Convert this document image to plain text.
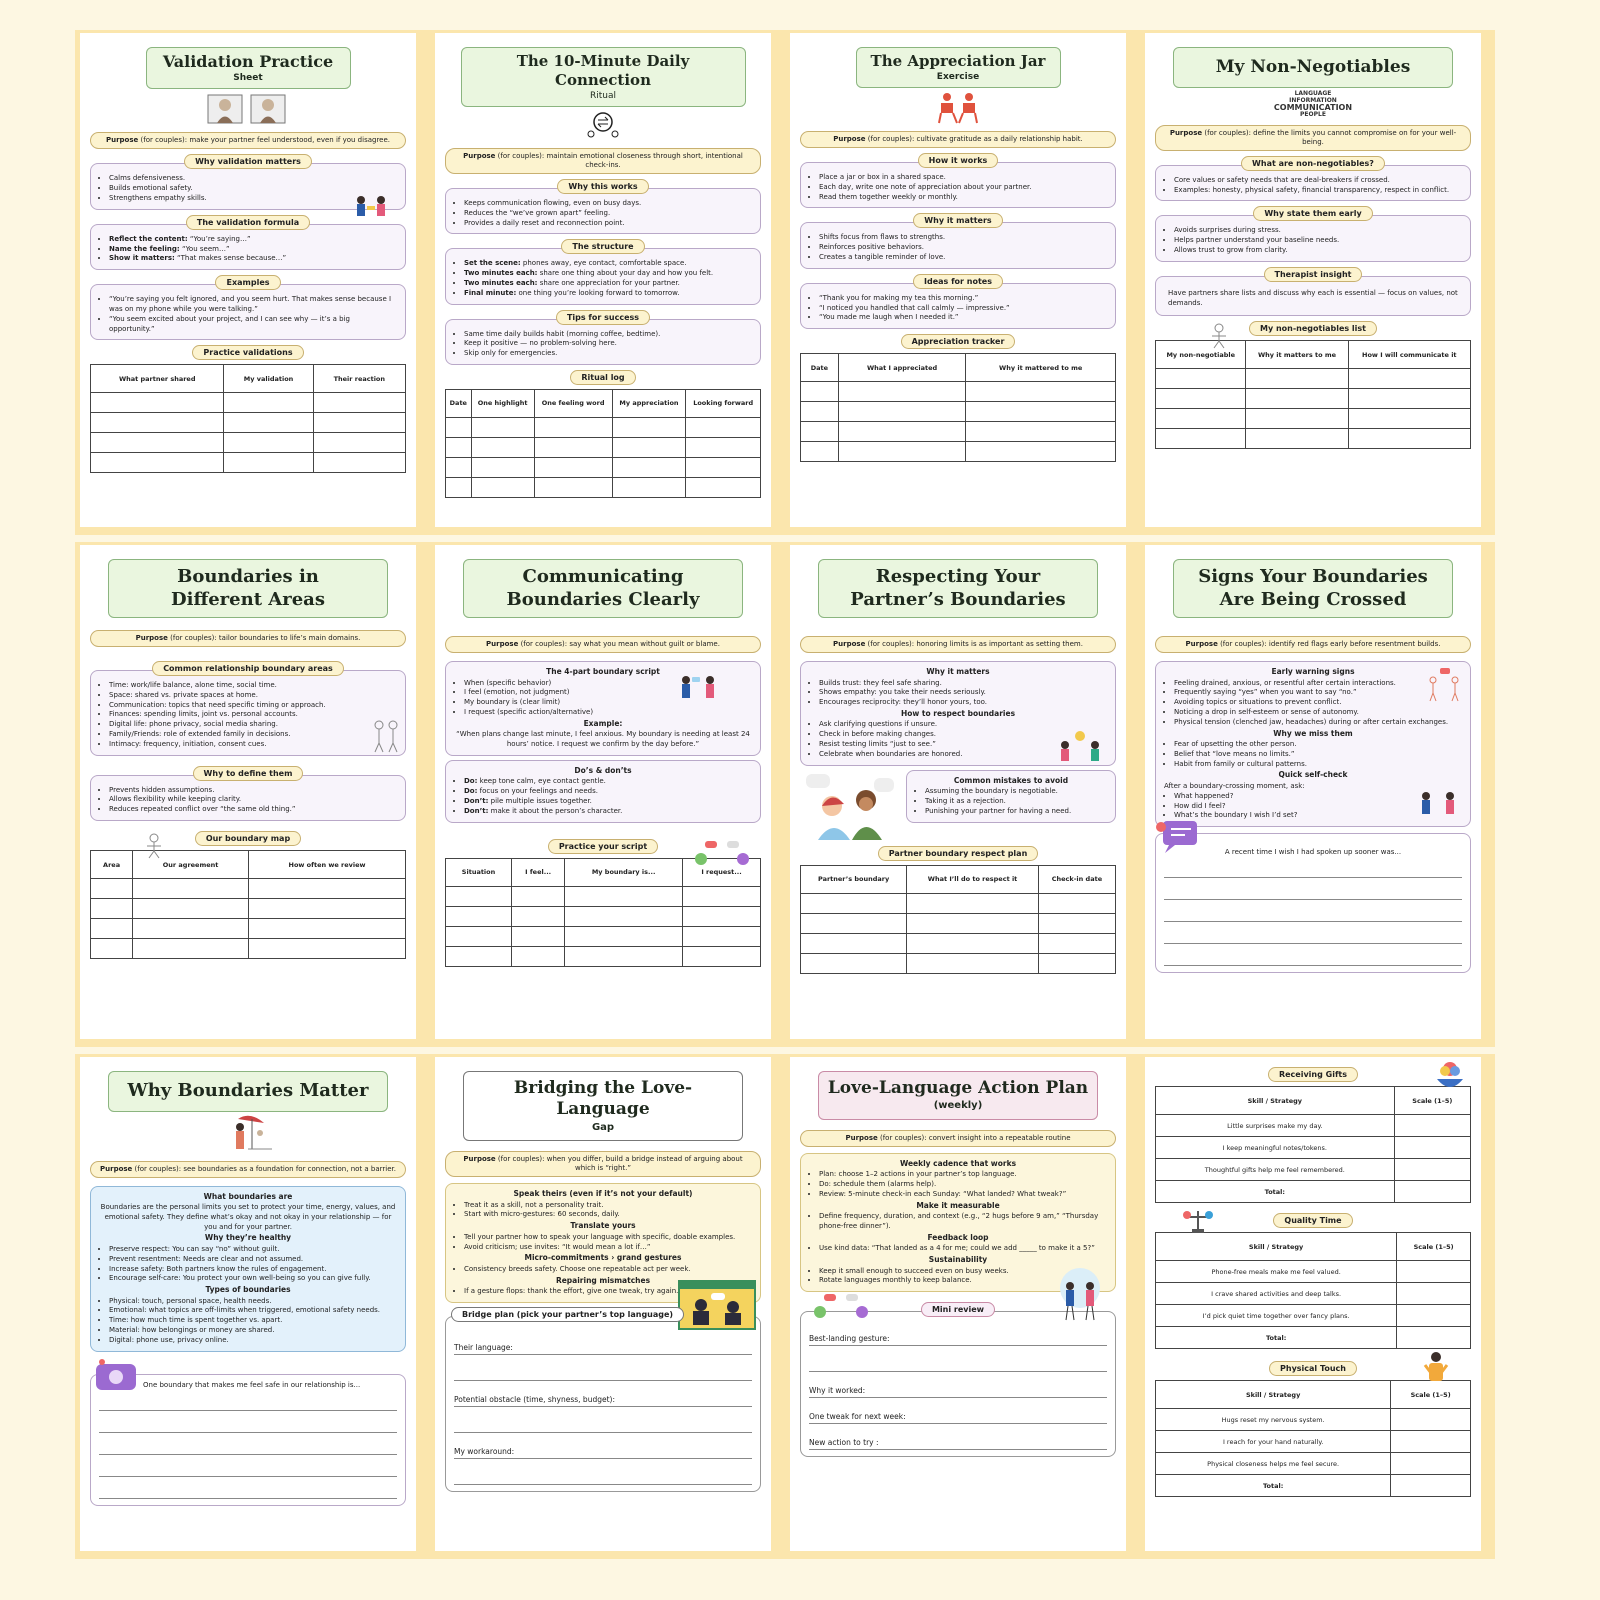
Validation Practice
Sheet
Purpose (for couples): make your partner feel understood, even if you disagree.
Why validation matters
• Calms defensiveness.
• Builds emotional safety.
• Strengthens empathy skills.
The validation formula
• Reflect the content: “You’re saying…”
• Name the feeling: “You seem…”
• Show it matters: “That makes sense because…”
Examples
• “You’re saying you felt ignored, and you seem hurt. That makes sense because I was on my phone while you were talking.”
• “You seem excited about your project, and I can see why — it’s a big opportunity.”
Practice validations
What partner shared	My validation	Their reaction

The 10-Minute Daily Connection
Ritual
Purpose (for couples): maintain emotional closeness through short, intentional check-ins.
Why this works
• Keeps communication flowing, even on busy days.
• Reduces the “we’ve grown apart” feeling.
• Provides a daily reset and reconnection point.
The structure
• Set the scene: phones away, eye contact, comfortable space.
• Two minutes each: share one thing about your day and how you felt.
• Two minutes each: share one appreciation for your partner.
• Final minute: one thing you’re looking forward to tomorrow.
Tips for success
• Same time daily builds habit (morning coffee, bedtime).
• Keep it positive — no problem-solving here.
• Skip only for emergencies.
Ritual log
Date	One highlight	One feeling word	My appreciation	Looking forward

The Appreciation Jar
Exercise
Purpose (for couples): cultivate gratitude as a daily relationship habit.
How it works
• Place a jar or box in a shared space.
• Each day, write one note of appreciation about your partner.
• Read them together weekly or monthly.
Why it matters
• Shifts focus from flaws to strengths.
• Reinforces positive behaviors.
• Creates a tangible reminder of love.
Ideas for notes
• “Thank you for making my tea this morning.”
• “I noticed you handled that call calmly — impressive.”
• “You made me laugh when I needed it.”
Appreciation tracker
Date	What I appreciated	Why it mattered to me

My Non-Negotiables
LANGUAGE
INFORMATION
COMMUNICATION
PEOPLE
Purpose (for couples): define the limits you cannot compromise on for your well-being.
What are non-negotiables?
• Core values or safety needs that are deal-breakers if crossed.
• Examples: honesty, physical safety, financial transparency, respect in conflict.
Why state them early
• Avoids surprises during stress.
• Helps partner understand your baseline needs.
• Allows trust to grow from clarity.
Therapist insight
Have partners share lists and discuss why each is essential — focus on values, not demands.
My non-negotiables list
My non-negotiable	Why it matters to me	How I will communicate it

Boundaries in Different Areas
Purpose (for couples): tailor boundaries to life’s main domains.
Common relationship boundary areas
• Time: work/life balance, alone time, social time.
• Space: shared vs. private spaces at home.
• Communication: topics that need specific timing or approach.
• Finances: spending limits, joint vs. personal accounts.
• Digital life: phone privacy, social media sharing.
• Family/Friends: role of extended family in decisions.
• Intimacy: frequency, initiation, consent cues.
Why to define them
• Prevents hidden assumptions.
• Allows flexibility while keeping clarity.
• Reduces repeated conflict over “the same old thing.”
Our boundary map
Area	Our agreement	How often we review

Communicating Boundaries Clearly
Purpose (for couples): say what you mean without guilt or blame.
The 4-part boundary script
• When (specific behavior)
• I feel (emotion, not judgment)
• My boundary is (clear limit)
• I request (specific action/alternative)
Example:

“When plans change last minute, I feel anxious. My boundary is needing at least 24 hours’ notice. I request we confirm by the day before.”

Do’s & don’ts
• Do: keep tone calm, eye contact gentle.
• Do: focus on your feelings and needs.
• Don’t: pile multiple issues together.
• Don’t: make it about the person’s character.
Practice your script
Situation	I feel...	My boundary is...	I request...

Respecting Your Partner’s Boundaries
Purpose (for couples): honoring limits is as important as setting them.
Why it matters
• Builds trust: they feel safe sharing.
• Shows empathy: you take their needs seriously.
• Encourages reciprocity: they’ll honor yours, too.
How to respect boundaries
• Ask clarifying questions if unsure.
• Check in before making changes.
• Resist testing limits “just to see.”
• Celebrate when boundaries are honored.
Common mistakes to avoid
• Assuming the boundary is negotiable.
• Taking it as a rejection.
• Punishing your partner for having a need.
Partner boundary respect plan
Partner’s boundary	What I’ll do to respect it	Check-in date

Signs Your Boundaries Are Being Crossed
Purpose (for couples): identify red flags early before resentment builds.
Early warning signs
• Feeling drained, anxious, or resentful after certain interactions.
• Frequently saying “yes” when you want to say “no.”
• Avoiding topics or situations to prevent conflict.
• Noticing a drop in self-esteem or sense of autonomy.
• Physical tension (clenched jaw, headaches) during or after certain exchanges.
Why we miss them
• Fear of upsetting the other person.
• Belief that “love means no limits.”
• Habit from family or cultural patterns.
Quick self-check
After a boundary-crossing moment, ask:
• What happened?
• How did I feel?
• What’s the boundary I wish I’d set?
A recent time I wish I had spoken up sooner was...
Why Boundaries Matter
Purpose (for couples): see boundaries as a foundation for connection, not a barrier.
What boundaries are

Boundaries are the personal limits you set to protect your time, energy, values, and emotional safety. They define what’s okay and not okay in your relationship — for you and for your partner.

Why they’re healthy
• Preserve respect: You can say “no” without guilt.
• Prevent resentment: Needs are clear and not assumed.
• Increase safety: Both partners know the rules of engagement.
• Encourage self-care: You protect your own well-being so you can give fully.
Types of boundaries
• Physical: touch, personal space, health needs.
• Emotional: what topics are off-limits when triggered, emotional safety needs.
• Time: how much time is spent together vs. apart.
• Material: how belongings or money are shared.
• Digital: phone use, privacy online.
One boundary that makes me feel safe in our relationship is...
Bridging the Love-Language
Gap
Purpose (for couples): when you differ, build a bridge instead of arguing about which is “right.”
Speak theirs (even if it’s not your default)
• Treat it as a skill, not a personality trait.
• Start with micro-gestures: 60 seconds, daily.
Translate yours
• Tell your partner how to speak your language with specific, doable examples.
• Avoid criticism; use invites: “It would mean a lot if…”
Micro-commitments › grand gestures
• Consistency breeds safety. Choose one repeatable act per week.
Repairing mismatches
• If a gesture flops: thank the effort, give one tweak, try again.
Bridge plan (pick your partner’s top language)
Their language:
Potential obstacle (time, shyness, budget):
My workaround:
Love-Language Action Plan
(weekly)
Purpose (for couples): convert insight into a repeatable routine
Weekly cadence that works
• Plan: choose 1–2 actions in your partner’s top language.
• Do: schedule them (alarms help).
• Review: 5-minute check-in each Sunday: “What landed? What tweak?”
Make it measurable
• Define frequency, duration, and context (e.g., “2 hugs before 9 am,” “Thursday phone-free dinner”).
Feedback loop
• Use kind data: “That landed as a 4 for me; could we add _____ to make it a 5?”
Sustainability
• Keep it small enough to succeed even on busy weeks.
• Rotate languages monthly to keep balance.
Mini review
Best-landing gesture:
Why it worked:
One tweak for next week:
New action to try :
Receiving Gifts
Skill / Strategy	Scale (1–5)
Little surprises make my day.	
I keep meaningful notes/tokens.	
Thoughtful gifts help me feel remembered.	
Total:	
Quality Time
Skill / Strategy	Scale (1–5)
Phone-free meals make me feel valued.	
I crave shared activities and deep talks.	
I’d pick quiet time together over fancy plans.	
Total:	
Physical Touch
Skill / Strategy	Scale (1–5)
Hugs reset my nervous system.	
I reach for your hand naturally.	
Physical closeness helps me feel secure.	
Total:	
